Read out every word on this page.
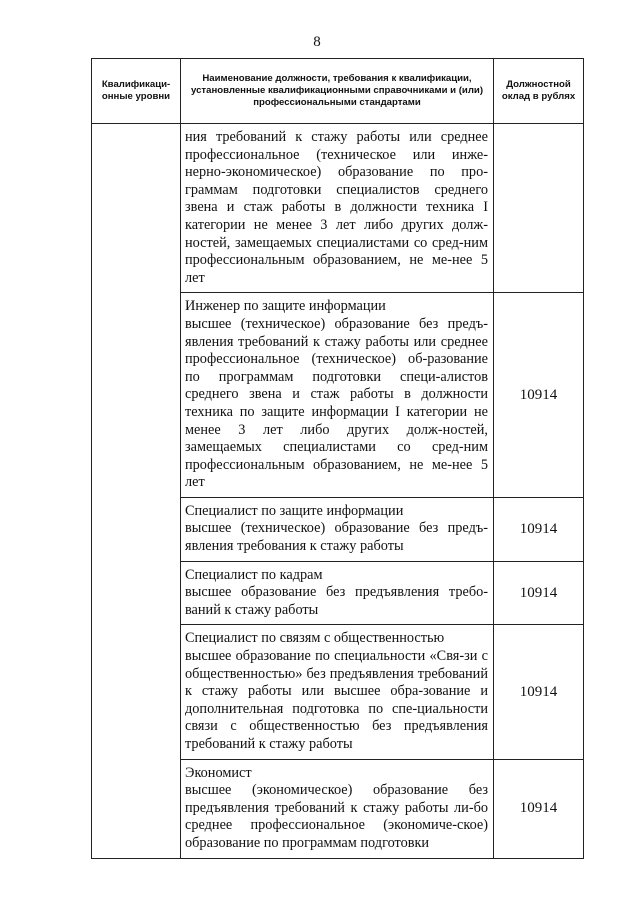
8
Квалификаци-онные уровни	Наименование должности, требования к квалификации, установленные квалификационными справочниками и (или) профессиональными стандартами	Должностной оклад в рублях

	ния требований к стажу работы или среднее профессиональное (техническое или инже-нерно-экономическое) образование по про-граммам подготовки специалистов среднего звена и стаж работы в должности техника I категории не менее 3 лет либо других долж-ностей, замещаемых специалистами со сред-ним профессиональным образованием, не ме-нее 5 лет	

	Инженер по защите информации
высшее (техническое) образование без предъ-явления требований к стажу работы или среднее профессиональное (техническое) об-разование по программам подготовки специ-алистов среднего звена и стаж работы в должности техника по защите информации I категории не менее 3 лет либо других долж-ностей, замещаемых специалистами со сред-ним профессиональным образованием, не ме-нее 5 лет	10914

	Специалист по защите информации
высшее (техническое) образование без предъ-явления требования к стажу работы	10914

	Специалист по кадрам
высшее образование без предъявления требо-ваний к стажу работы	10914

	Специалист по связям с общественностью
высшее образование по специальности «Свя-зи с общественностью» без предъявления требований к стажу работы или высшее обра-зование и дополнительная подготовка по спе-циальности связи с общественностью без предъявления требований к стажу работы	10914

	Экономист
высшее (экономическое) образование без предъявления требований к стажу работы ли-бо среднее профессиональное (экономиче-ское) образование по программам подготовки	10914
